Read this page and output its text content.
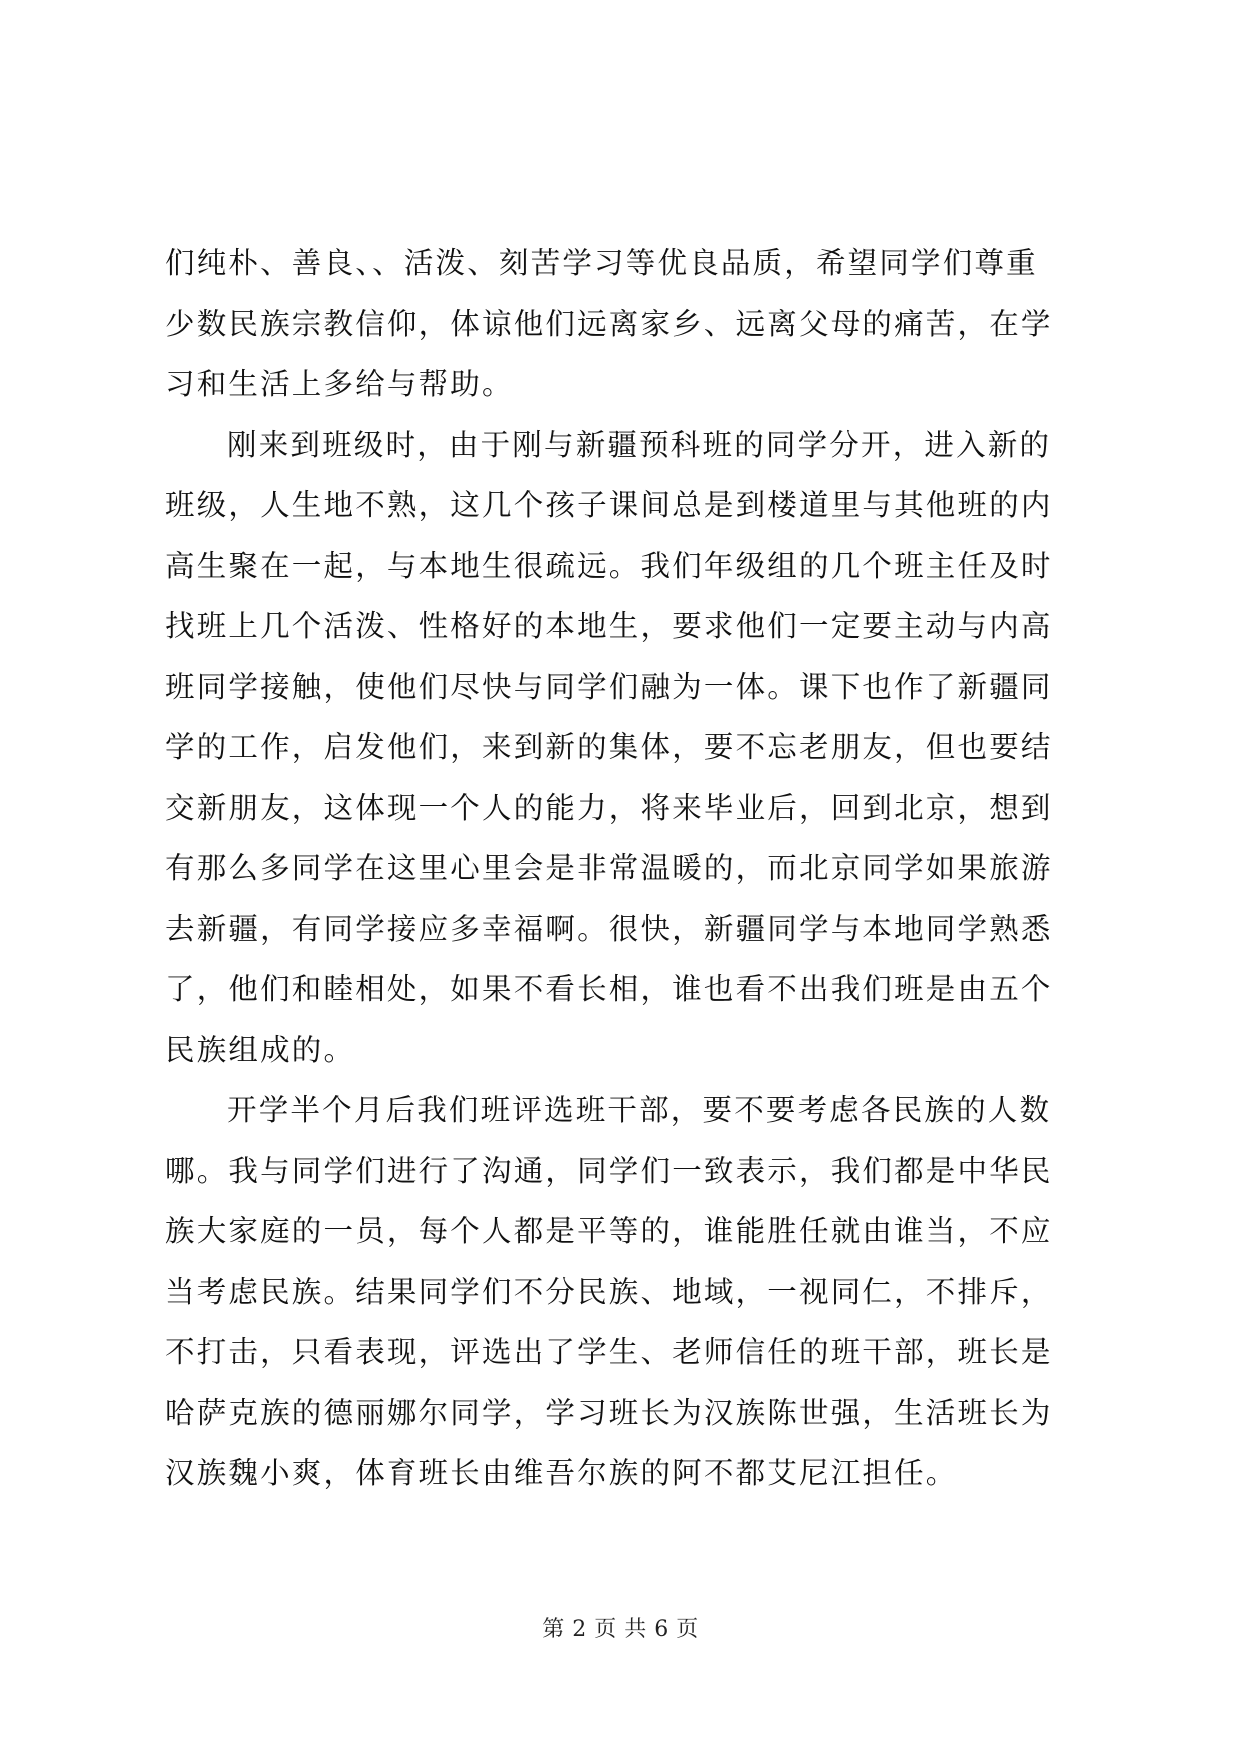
们纯朴、善良、、活泼、刻苦学习等优良品质，希望同学们尊重
少数民族宗教信仰，体谅他们远离家乡、远离父母的痛苦，在学
习和生活上多给与帮助。
刚来到班级时，由于刚与新疆预科班的同学分开，进入新的
班级，人生地不熟，这几个孩子课间总是到楼道里与其他班的内
高生聚在一起，与本地生很疏远。我们年级组的几个班主任及时
找班上几个活泼、性格好的本地生，要求他们一定要主动与内高
班同学接触，使他们尽快与同学们融为一体。课下也作了新疆同
学的工作，启发他们，来到新的集体，要不忘老朋友，但也要结
交新朋友，这体现一个人的能力，将来毕业后，回到北京，想到
有那么多同学在这里心里会是非常温暖的，而北京同学如果旅游
去新疆，有同学接应多幸福啊。很快，新疆同学与本地同学熟悉
了，他们和睦相处，如果不看长相，谁也看不出我们班是由五个
民族组成的。
开学半个月后我们班评选班干部，要不要考虑各民族的人数
哪。我与同学们进行了沟通，同学们一致表示，我们都是中华民
族大家庭的一员，每个人都是平等的，谁能胜任就由谁当，不应
当考虑民族。结果同学们不分民族、地域，一视同仁，不排斥，
不打击，只看表现，评选出了学生、老师信任的班干部，班长是
哈萨克族的德丽娜尔同学，学习班长为汉族陈世强，生活班长为
汉族魏小爽，体育班长由维吾尔族的阿不都艾尼江担任。
第 2 页 共 6 页
